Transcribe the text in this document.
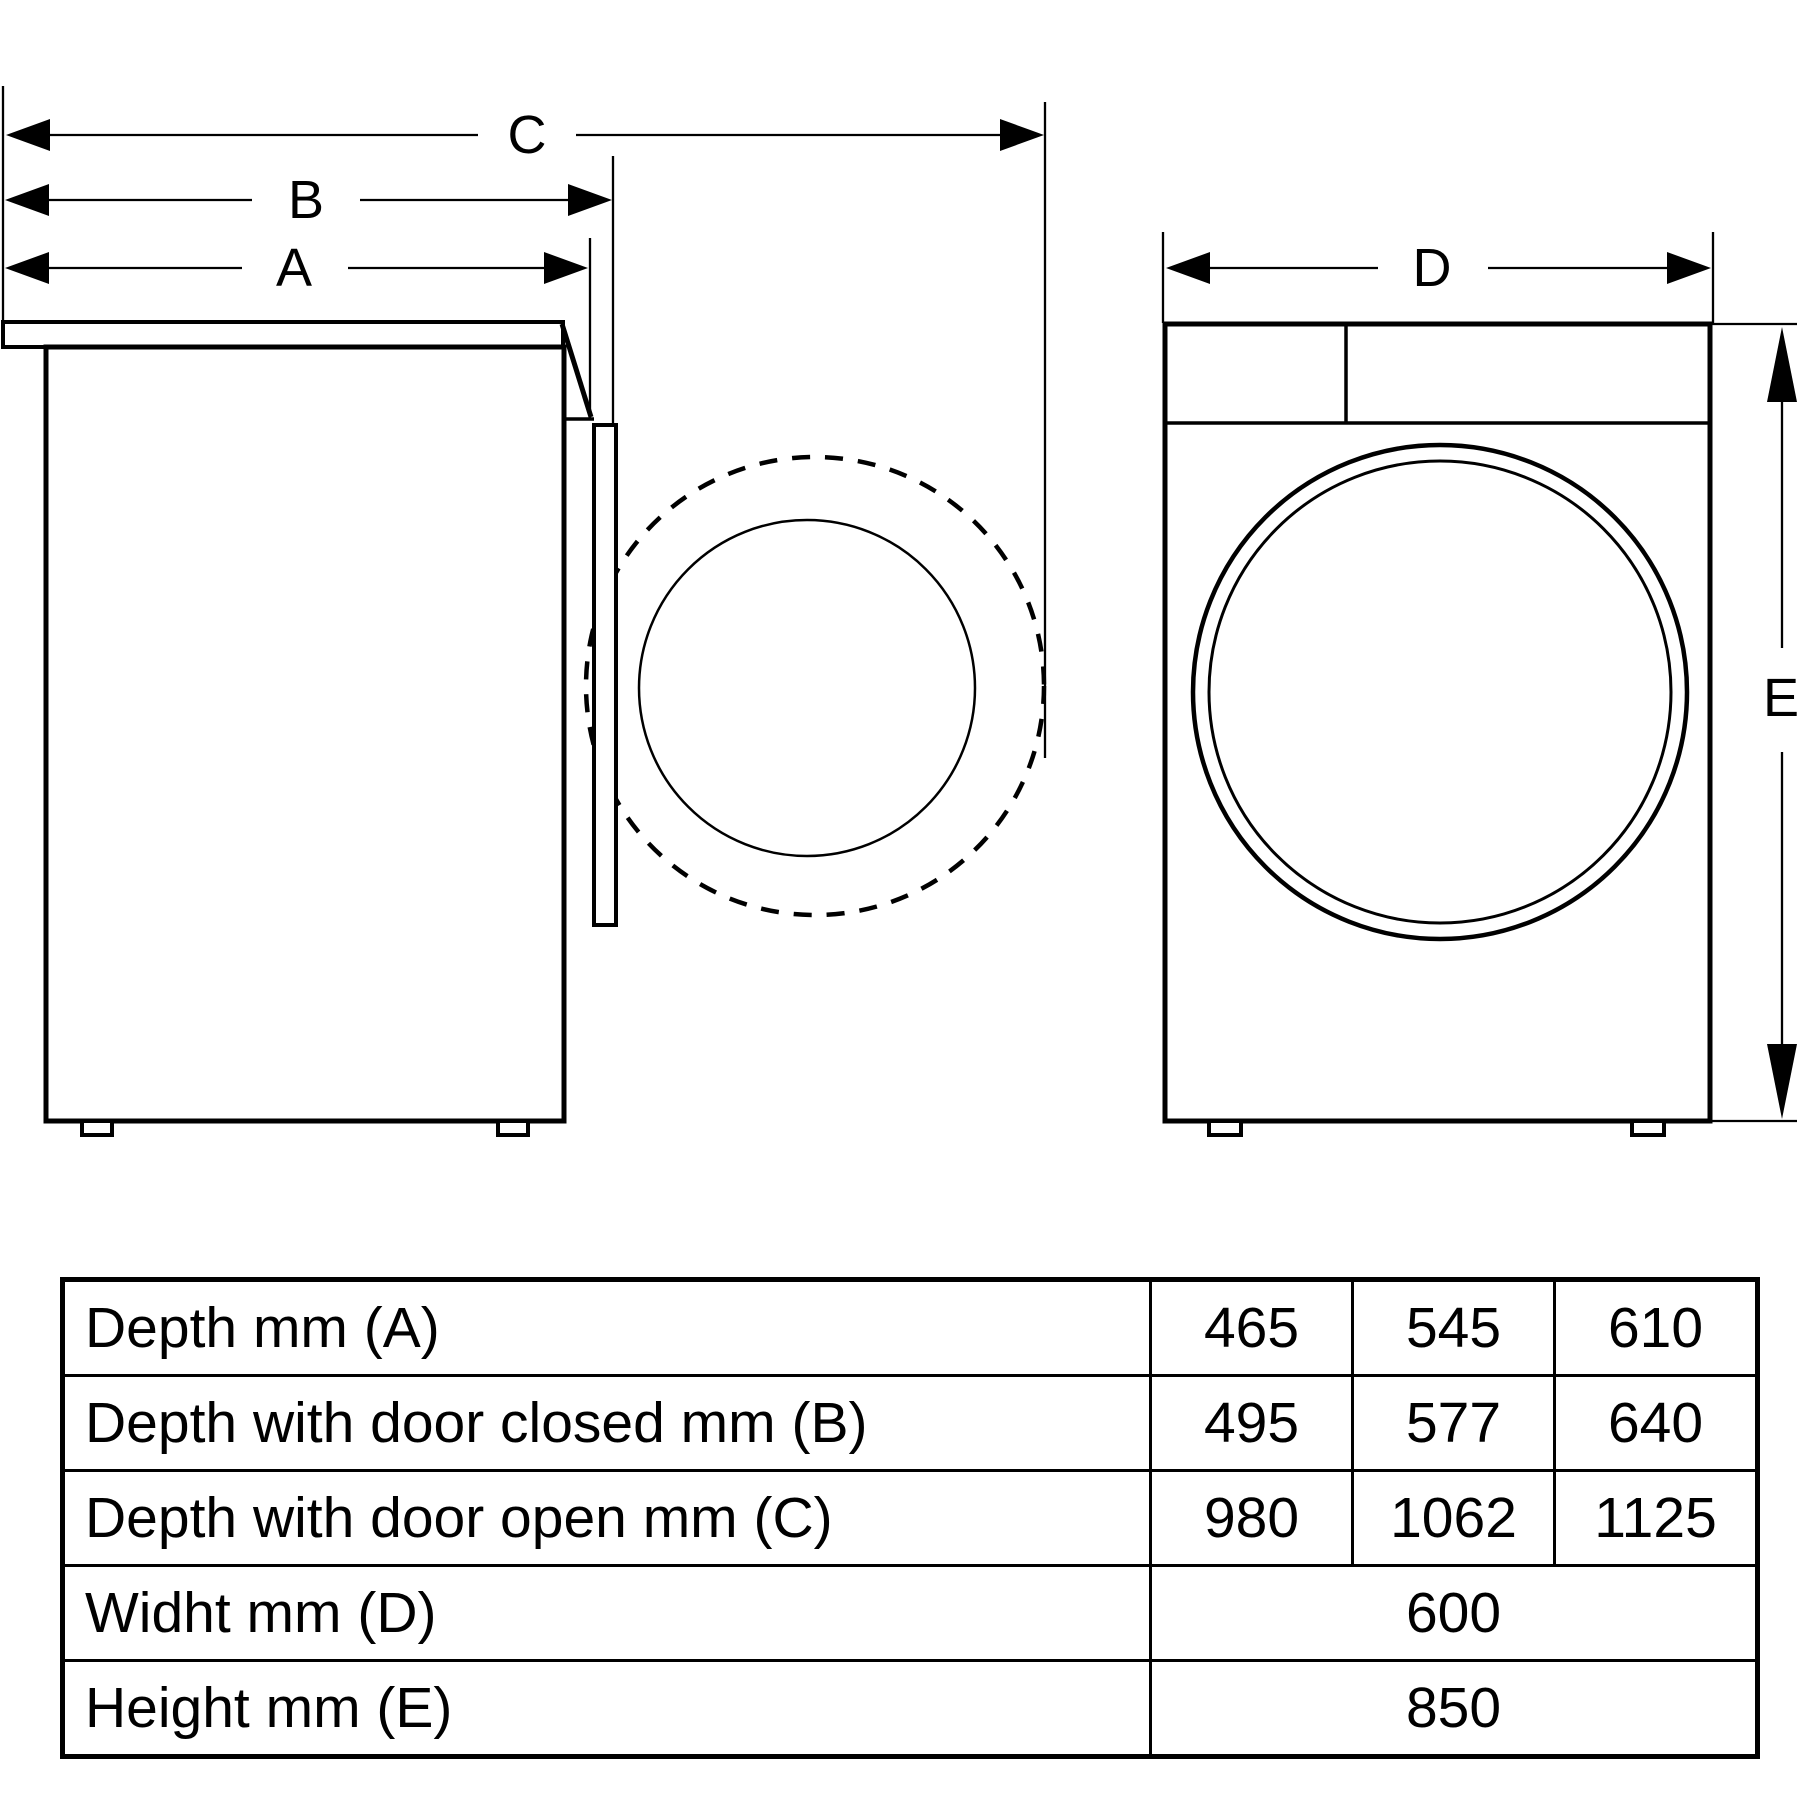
C
B
A	D
E
Depth mm (A)	465	545	610
Depth with door closed mm (B)	495	577	640
Depth with door open mm (C)	980	1062	1125
Widht mm (D)	600		
Height mm (E)	850		
